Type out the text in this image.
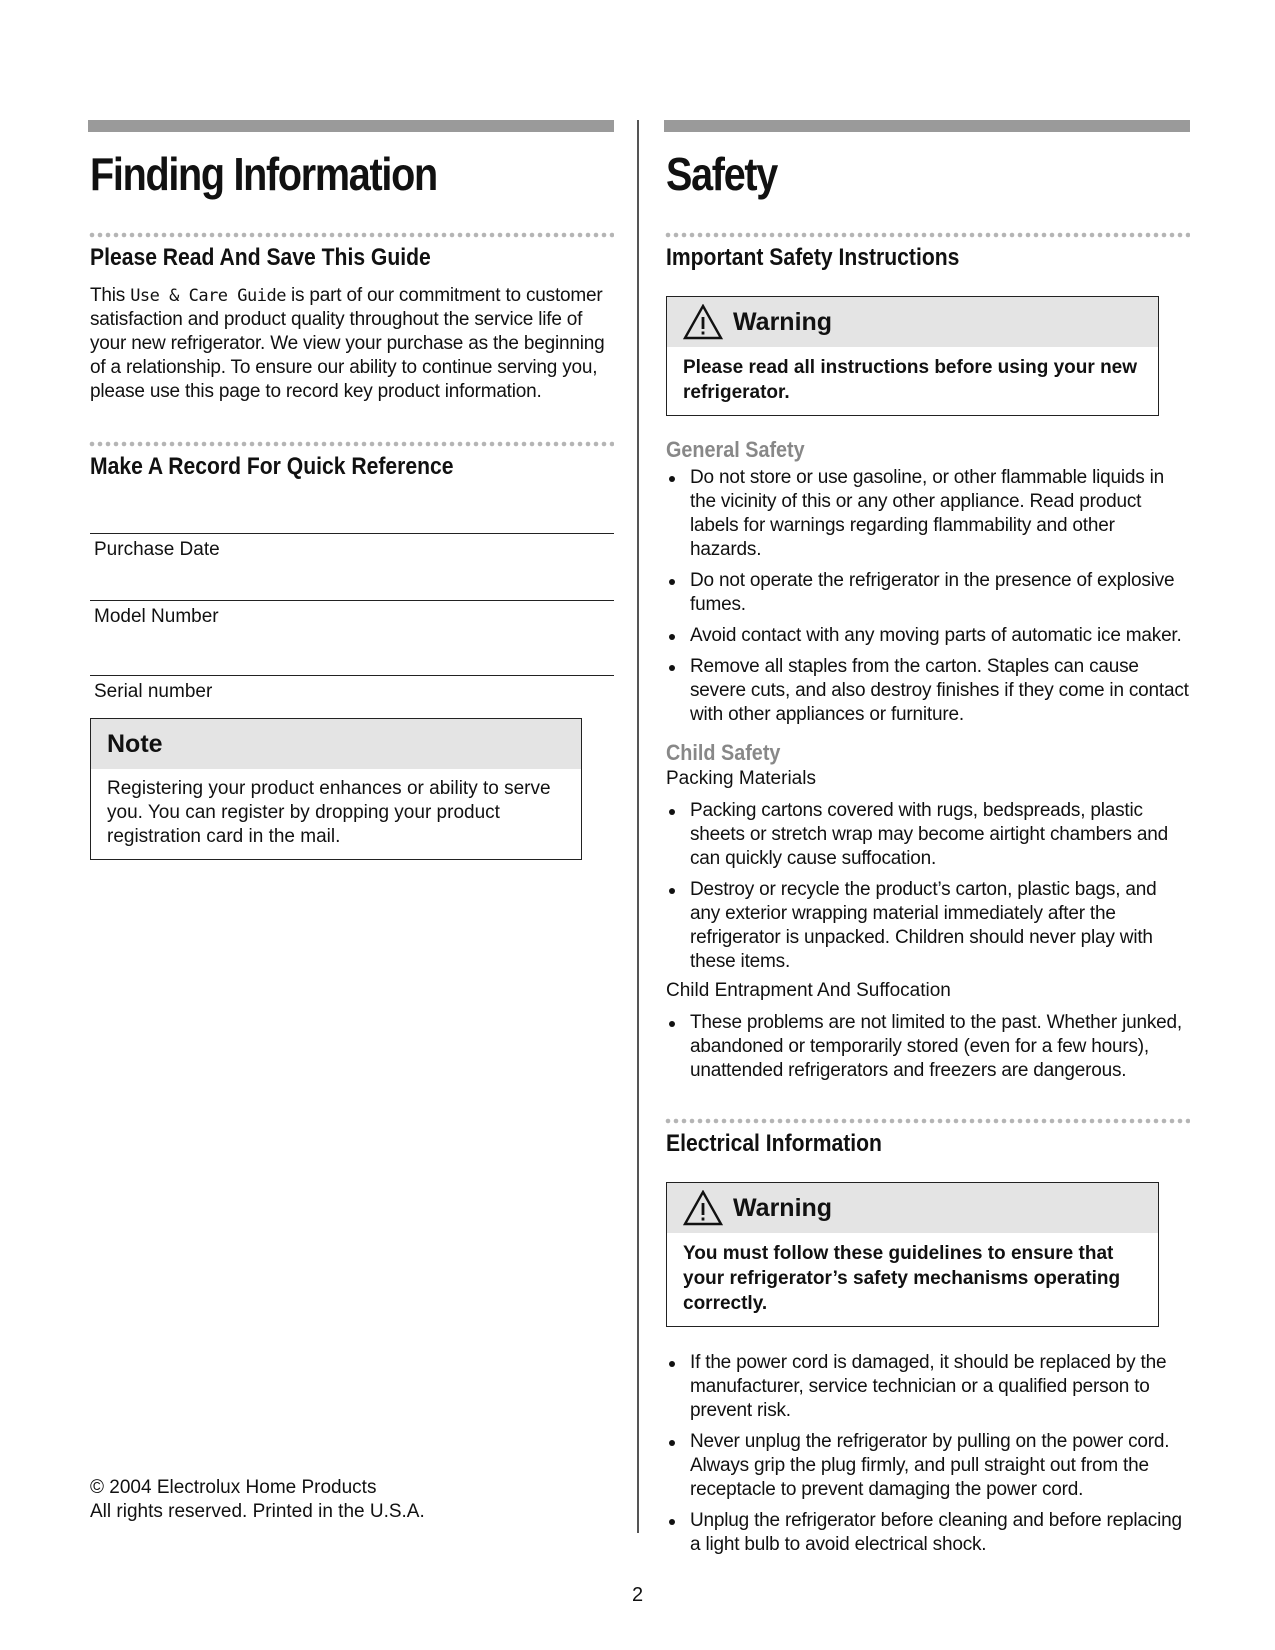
Finding Information
Please Read And Save This Guide
This Use & Care Guide is part of our commitment to customer satisfaction and product quality throughout the service life of your new refrigerator. We view your purchase as the beginning of a relationship. To ensure our ability to continue serving you, please use this page to record key product information.
Make A Record For Quick Reference
Purchase Date
Model Number
Serial number
Note
Registering your product enhances or ability to serve you. You can register by dropping your product registration card in the mail.
Safety
Important Safety Instructions
Warning
Please read all instructions before using your new refrigerator.
General Safety
Do not store or use gasoline, or other flammable liquids in the vicinity of this or any other appliance. Read product labels for warnings regarding flammability and other hazards.
Do not operate the refrigerator in the presence of explosive fumes.
Avoid contact with any moving parts of automatic ice maker.
Remove all staples from the carton. Staples can cause severe cuts, and also destroy finishes if they come in contact with other appliances or furniture.
Child Safety
Packing Materials
Packing cartons covered with rugs, bedspreads, plastic sheets or stretch wrap may become airtight chambers and can quickly cause suffocation.
Destroy or recycle the product’s carton, plastic bags, and any exterior wrapping material immediately after the refrigerator is unpacked. Children should never play with these items.
Child Entrapment And Suffocation
These problems are not limited to the past. Whether junked, abandoned or temporarily stored (even for a few hours), unattended refrigerators and freezers are dangerous.
Electrical Information
Warning
You must follow these guidelines to ensure that your refrigerator’s safety mechanisms operating correctly.
If the power cord is damaged, it should be replaced by the manufacturer, service technician or a qualified person to prevent risk.
Never unplug the refrigerator by pulling on the power cord. Always grip the plug firmly, and pull straight out from the receptacle to prevent damaging the power cord.
Unplug the refrigerator before cleaning and before replacing a light bulb to avoid electrical shock.
© 2004 Electrolux Home Products
All rights reserved. Printed in the U.S.A.
2
